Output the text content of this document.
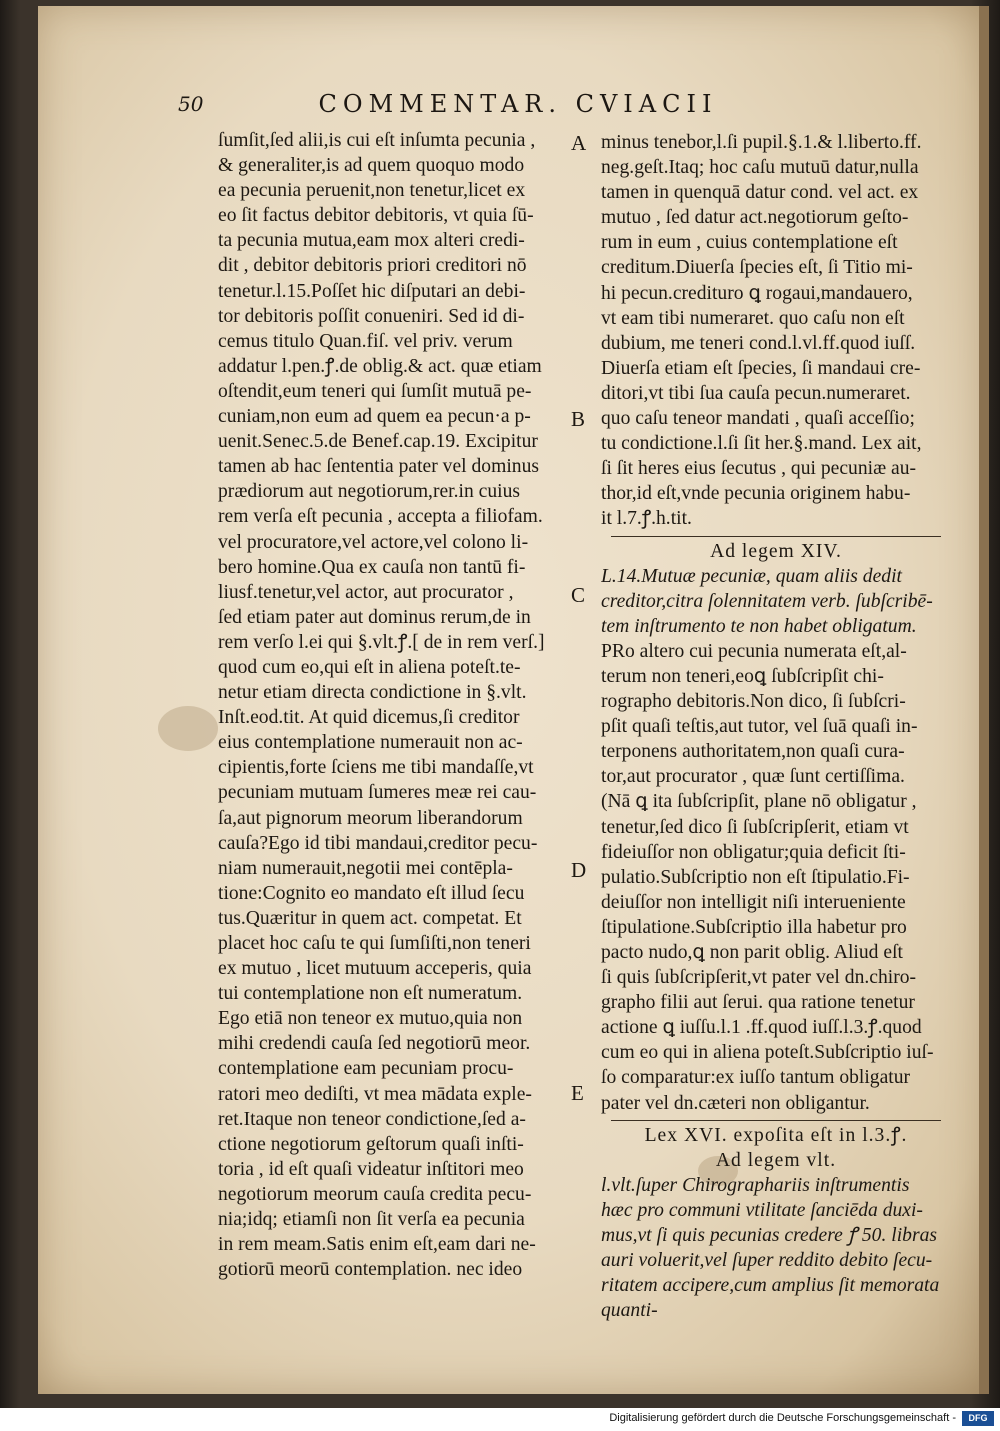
50	COMMENTAR. CVIACII
ſumſit,ſed alii,is cui eſt inſumta pecunia ,
& generaliter,is ad quem quoquo modo
ea pecunia peruenit,non tenetur,licet ex
eo ſit factus debitor debitoris, vt quia ſū-
ta pecunia mutua,eam mox alteri credi-
dit , debitor debitoris priori creditori nō
tenetur.l.15.Poſſet hic diſputari an debi-
tor debitoris poſſit conueniri. Sed id di-
cemus titulo Quan.fiſ. vel priv. verum
addatur l.pen.ꝭ.de oblig.& act. quæ etiam
oſtendit,eum teneri qui ſumſit mutuā pe-
cuniam,non eum ad quem ea pecun·a p-
uenit.Senec.5.de Benef.cap.19. Excipitur
tamen ab hac ſententia pater vel dominus
prædiorum aut negotiorum,rer.in cuius
rem verſa eſt pecunia , accepta a filiofam.
vel procuratore,vel actore,vel colono li-
bero homine.Qua ex cauſa non tantū fi-
liusf.tenetur,vel actor, aut procurator ,
ſed etiam pater aut dominus rerum,de in
rem verſo l.ei qui §.vlt.ꝭ.[ de in rem verſ.]
quod cum eo,qui eſt in aliena poteſt.te-
netur etiam directa condictione in §.vlt.
Inſt.eod.tit. At quid dicemus,ſi creditor
eius contemplatione numerauit non ac-
cipientis,forte ſciens me tibi mandaſſe,vt
pecuniam mutuam ſumeres meæ rei cau-
ſa,aut pignorum meorum liberandorum
cauſa?Ego id tibi mandaui,creditor pecu-
niam numerauit,negotii mei contēpla-
tione:Cognito eo mandato eſt illud ſecu
tus.Quæritur in quem act. competat. Et
placet hoc caſu te qui ſumſiſti,non teneri
ex mutuo , licet mutuum acceperis, quia
tui contemplatione non eſt numeratum.
Ego etiā non teneor ex mutuo,quia non
mihi credendi cauſa ſed negotiorū meor.
contemplatione eam pecuniam procu-
ratori meo dediſti, vt mea mādata exple-
ret.Itaque non teneor condictione,ſed a-
ctione negotiorum geſtorum quaſi inſti-
toria , id eſt quaſi videatur inſtitori meo
negotiorum meorum cauſa credita pecu-
nia;idq; etiamſi non ſit verſa ea pecunia
in rem meam.Satis enim eſt,eam dari ne-
gotiorū meorū contemplation. nec ideo
A
B
C
D
E
minus tenebor,l.ſi pupil.§.1.& l.liberto.ff.
neg.geſt.Itaq; hoc caſu mutuū datur,nulla
tamen in quenquā datur cond. vel act. ex
mutuo , ſed datur act.negotiorum geſto-
rum in eum , cuius contemplatione eſt
creditum.Diuerſa ſpecies eſt, ſi Titio mi-
hi pecun.credituro ꝗ rogaui,mandauero,
vt eam tibi numeraret. quo caſu non eſt
dubium, me teneri cond.l.vl.ff.quod iuſſ.
Diuerſa etiam eſt ſpecies, ſi mandaui cre-
ditori,vt tibi ſua cauſa pecun.numeraret.
quo caſu teneor mandati , quaſi acceſſio;
tu condictione.l.ſi ſit her.§.mand. Lex ait,
ſi ſit heres eius ſecutus , qui pecuniæ au-
thor,id eſt,vnde pecunia originem habu-
it l.7.ꝭ.h.tit.
Ad legem XIV.
L.14.Mutuæ pecuniæ, quam aliis dedit
creditor,citra ſolennitatem verb. ſubſcribē-
tem inſtrumento te non habet obligatum.
PRo altero cui pecunia numerata eſt,al-
terum non teneri,eoꝗ ſubſcripſit chi-
rographo debitoris.Non dico, ſi ſubſcri-
pſit quaſi teſtis,aut tutor, vel ſuā quaſi in-
terponens authoritatem,non quaſi cura-
tor,aut procurator , quæ ſunt certiſſima.
(Nā ꝗ ita ſubſcripſit, plane nō obligatur ,
tenetur,ſed dico ſi ſubſcripſerit, etiam vt
fideiuſſor non obligatur;quia deficit ſti-
pulatio.Subſcriptio non eſt ſtipulatio.Fi-
deiuſſor non intelligit niſi interueniente
ſtipulatione.Subſcriptio illa habetur pro
pacto nudo,ꝗ non parit oblig. Aliud eſt
ſi quis ſubſcripſerit,vt pater vel dn.chiro-
grapho filii aut ſerui. qua ratione tenetur
actione ꝗ iuſſu.l.1 .ff.quod iuſſ.l.3.ꝭ.quod
cum eo qui in aliena poteſt.Subſcriptio iuſ-
ſo comparatur:ex iuſſo tantum obligatur
pater vel dn.cæteri non obligantur.
Lex XVI. expoſita eſt in l.3.ꝭ.
Ad legem vlt.
l.vlt.ſuper Chirographariis inſtrumentis
hæc pro communi vtilitate ſanciēda duxi-
mus,vt ſi quis pecunias credere ꝭ 50. libras
auri voluerit,vel ſuper reddito debito ſecu-
ritatem accipere,cum amplius ſit memorata
quanti-
Digitalisierung gefördert durch die Deutsche Forschungsgemeinschaft -	DFG
